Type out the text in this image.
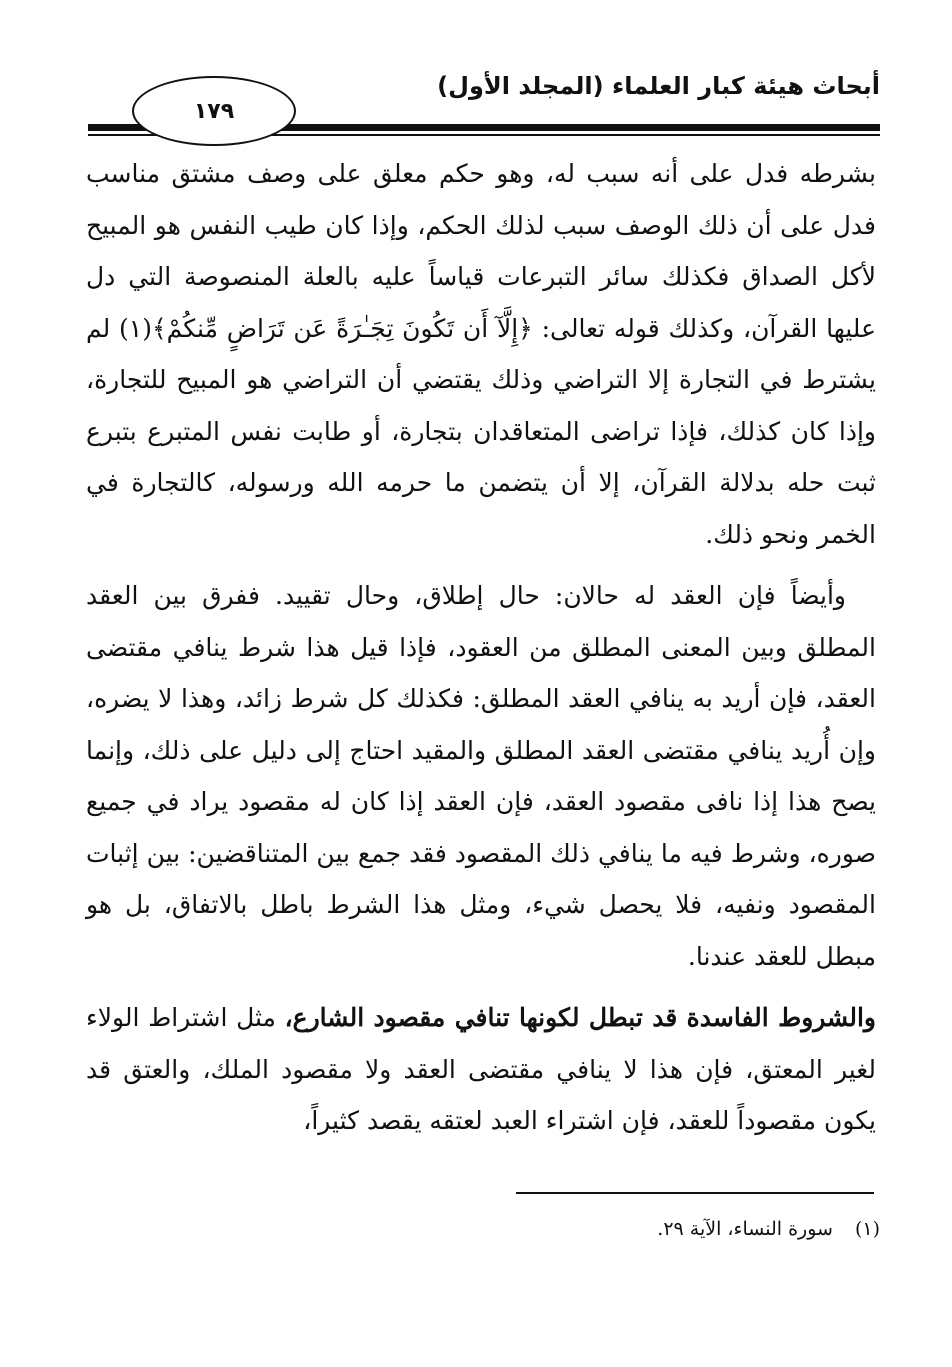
أبحاث هيئة كبار العلماء (المجلد الأول)
١٧٩

بشرطه فدل على أنه سبب له، وهو حكم معلق على وصف مشتق مناسب فدل على أن ذلك الوصف سبب لذلك الحكم، وإذا كان طيب النفس هو المبيح لأكل الصداق فكذلك سائر التبرعات قياساً عليه بالعلة المنصوصة التي دل عليها القرآن، وكذلك قوله تعالى: ﴿إِلَّآ أَن تَكُونَ تِجَـٰرَةً عَن تَرَاضٍ مِّنكُمْ﴾(١) لم يشترط في التجارة إلا التراضي وذلك يقتضي أن التراضي هو المبيح للتجارة، وإذا كان كذلك، فإذا تراضى المتعاقدان بتجارة، أو طابت نفس المتبرع بتبرع ثبت حله بدلالة القرآن، إلا أن يتضمن ما حرمه الله ورسوله، كالتجارة في الخمر ونحو ذلك.

وأيضاً فإن العقد له حالان: حال إطلاق، وحال تقييد. ففرق بين العقد المطلق وبين المعنى المطلق من العقود، فإذا قيل هذا شرط ينافي مقتضى العقد، فإن أريد به ينافي العقد المطلق: فكذلك كل شرط زائد، وهذا لا يضره، وإن أُريد ينافي مقتضى العقد المطلق والمقيد احتاج إلى دليل على ذلك، وإنما يصح هذا إذا نافى مقصود العقد، فإن العقد إذا كان له مقصود يراد في جميع صوره، وشرط فيه ما ينافي ذلك المقصود فقد جمع بين المتناقضين: بين إثبات المقصود ونفيه، فلا يحصل شيء، ومثل هذا الشرط باطل بالاتفاق، بل هو مبطل للعقد عندنا.

والشروط الفاسدة قد تبطل لكونها تنافي مقصود الشارع، مثل اشتراط الولاء لغير المعتق، فإن هذا لا ينافي مقتضى العقد ولا مقصود الملك، والعتق قد يكون مقصوداً للعقد، فإن اشتراء العبد لعتقه يقصد كثيراً،

(١)سورة النساء، الآية ٢٩.
